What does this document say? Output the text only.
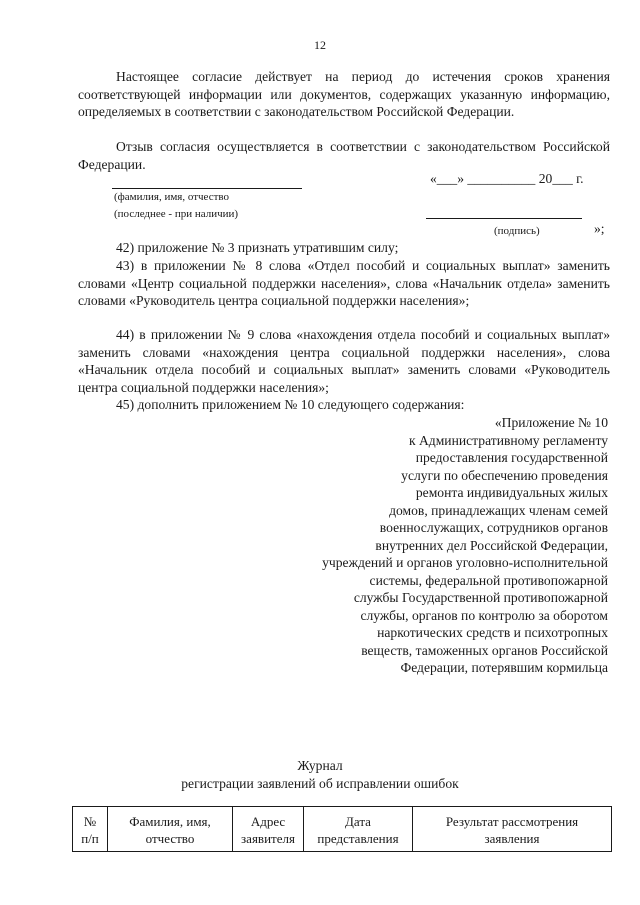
12

Настоящее согласие действует на период до истечения сроков хранения соответствующей информации или документов, содержащих указанную информацию, определяемых в соответствии с законодательством Российской Федерации.

Отзыв согласия осуществляется в соответствии с законодательством Российской Федерации.

(фамилия, имя, отчество
(последнее - при наличии)
«___» __________ 20___ г.
(подпись)	»;

42) приложение № 3 признать утратившим силу;

43) в приложении № 8 слова «Отдел пособий и социальных выплат» заменить словами «Центр социальной поддержки населения», слова «Начальник отдела» заменить словами «Руководитель центра социальной поддержки населения»;

44) в приложении № 9 слова «нахождения отдела пособий и социальных выплат» заменить словами «нахождения центра социальной поддержки населения», слова «Начальник отдела пособий и социальных выплат» заменить словами «Руководитель центра социальной поддержки населения»;

45) дополнить приложением № 10 следующего содержания:

«Приложение № 10
к Административному регламенту
предоставления государственной
услуги по обеспечению проведения
ремонта индивидуальных жилых
домов, принадлежащих членам семей
военнослужащих, сотрудников органов
внутренних дел Российской Федерации,
учреждений и органов уголовно-исполнительной
системы, федеральной противопожарной
службы Государственной противопожарной
службы, органов по контролю за оборотом
наркотических средств и психотропных
веществ, таможенных органов Российской
Федерации, потерявшим кормильца
Журнал
регистрации заявлений об исправлении ошибок
№
п/п

Фамилия, имя,
отчество

Адрес
заявителя

Дата
представления

Результат рассмотрения
заявления
